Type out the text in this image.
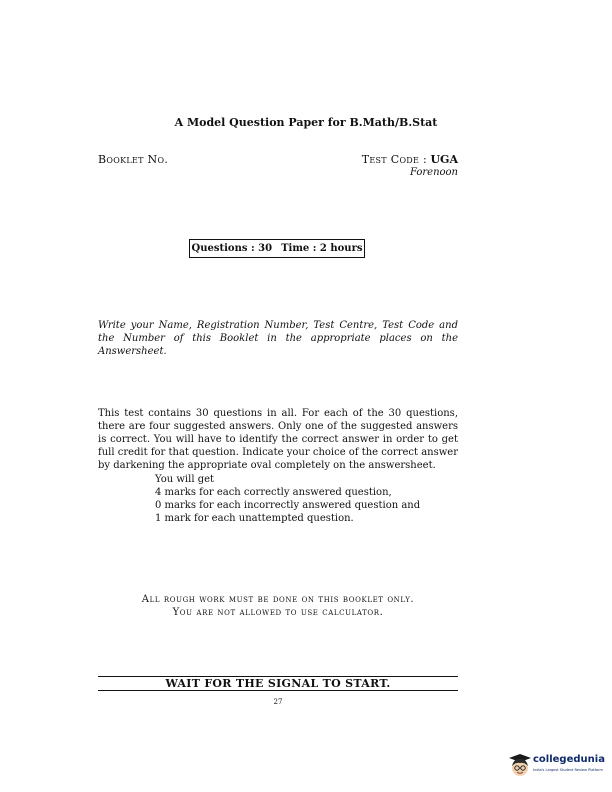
A Model Question Paper for B.Math/B.Stat
Booklet No.	Test Code : UGA
Forenoon
Questions : 30 Time : 2 hours
Write your Name, Registration Number, Test Centre, Test Code and the Number of this Booklet in the appropriate places on the Answersheet.
This test contains 30 questions in all. For each of the 30 questions, there are four suggested answers. Only one of the suggested answers is correct. You will have to identify the correct answer in order to get full credit for that question. Indicate your choice of the correct answer by darkening the appropriate oval completely on the answersheet.
You will get
4 marks for each correctly answered question,
0 marks for each incorrectly answered question and
1 mark for each unattempted question.
All rough work must be done on this booklet only.
You are not allowed to use calculator.
WAIT FOR THE SIGNAL TO START.
27
collegedunia
India's Largest Student Review Platform
